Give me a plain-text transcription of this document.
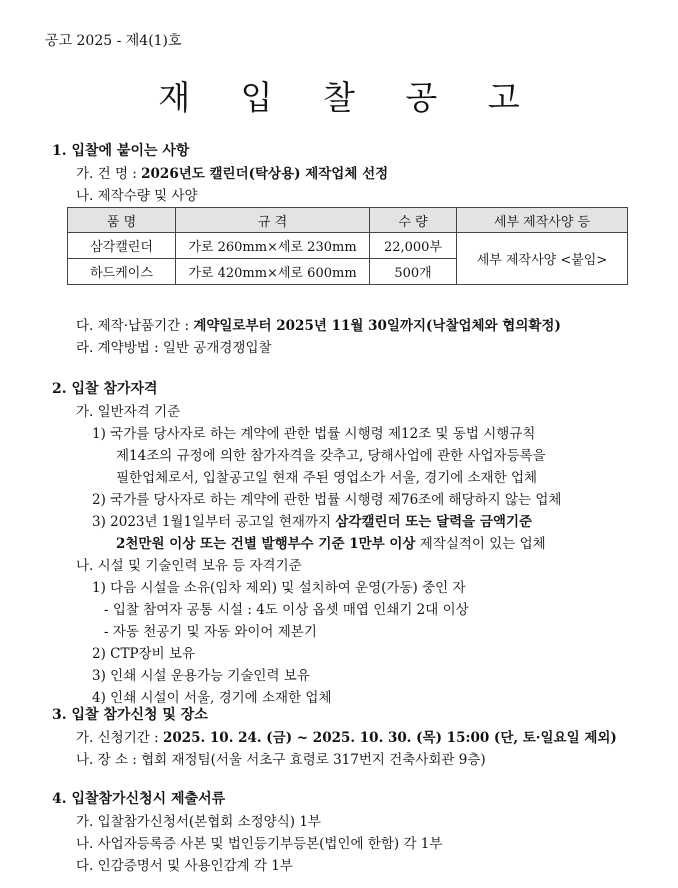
공고 2025 - 제4(1)호
재 입 찰 공 고
1. 입찰에 붙이는 사항
가. 건 명 : 2026년도 캘린더(탁상용) 제작업체 선정
나. 제작수량 및 사양
품 명	규 격	수 량	세부 제작사양 등
삼각캘린더	가로 260mm×세로 230mm	22,000부	세부 제작사양 <붙임>
하드케이스	가로 420mm×세로 600mm	500개	
다. 제작·납품기간 : 계약일로부터 2025년 11월 30일까지(낙찰업체와 협의확정)
라. 계약방법 : 일반 공개경쟁입찰
2. 입찰 참가자격
가. 일반자격 기준
1) 국가를 당사자로 하는 계약에 관한 법률 시행령 제12조 및 동법 시행규칙
제14조의 규정에 의한 참가자격을 갖추고, 당해사업에 관한 사업자등록을
필한업체로서, 입찰공고일 현재 주된 영업소가 서울, 경기에 소재한 업체
2) 국가를 당사자로 하는 계약에 관한 법률 시행령 제76조에 해당하지 않는 업체
3) 2023년 1월1일부터 공고일 현재까지 삼각캘린더 또는 달력을 금액기준
2천만원 이상 또는 건별 발행부수 기준 1만부 이상 제작실적이 있는 업체
나. 시설 및 기술인력 보유 등 자격기준
1) 다음 시설을 소유(임차 제외) 및 설치하여 운영(가동) 중인 자
- 입찰 참여자 공통 시설 : 4도 이상 옵셋 매엽 인쇄기 2대 이상
- 자동 천공기 및 자동 와이어 제본기
2) CTP장비 보유
3) 인쇄 시설 운용가능 기술인력 보유
4) 인쇄 시설이 서울, 경기에 소재한 업체
3. 입찰 참가신청 및 장소
가. 신청기간 : 2025. 10. 24. (금) ~ 2025. 10. 30. (목) 15:00 (단, 토·일요일 제외)
나. 장 소 : 협회 재정팀(서울 서초구 효령로 317번지 건축사회관 9층)
4. 입찰참가신청시 제출서류
가. 입찰참가신청서(본협회 소정양식) 1부
나. 사업자등록증 사본 및 법인등기부등본(법인에 한함) 각 1부
다. 인감증명서 및 사용인감계 각 1부
